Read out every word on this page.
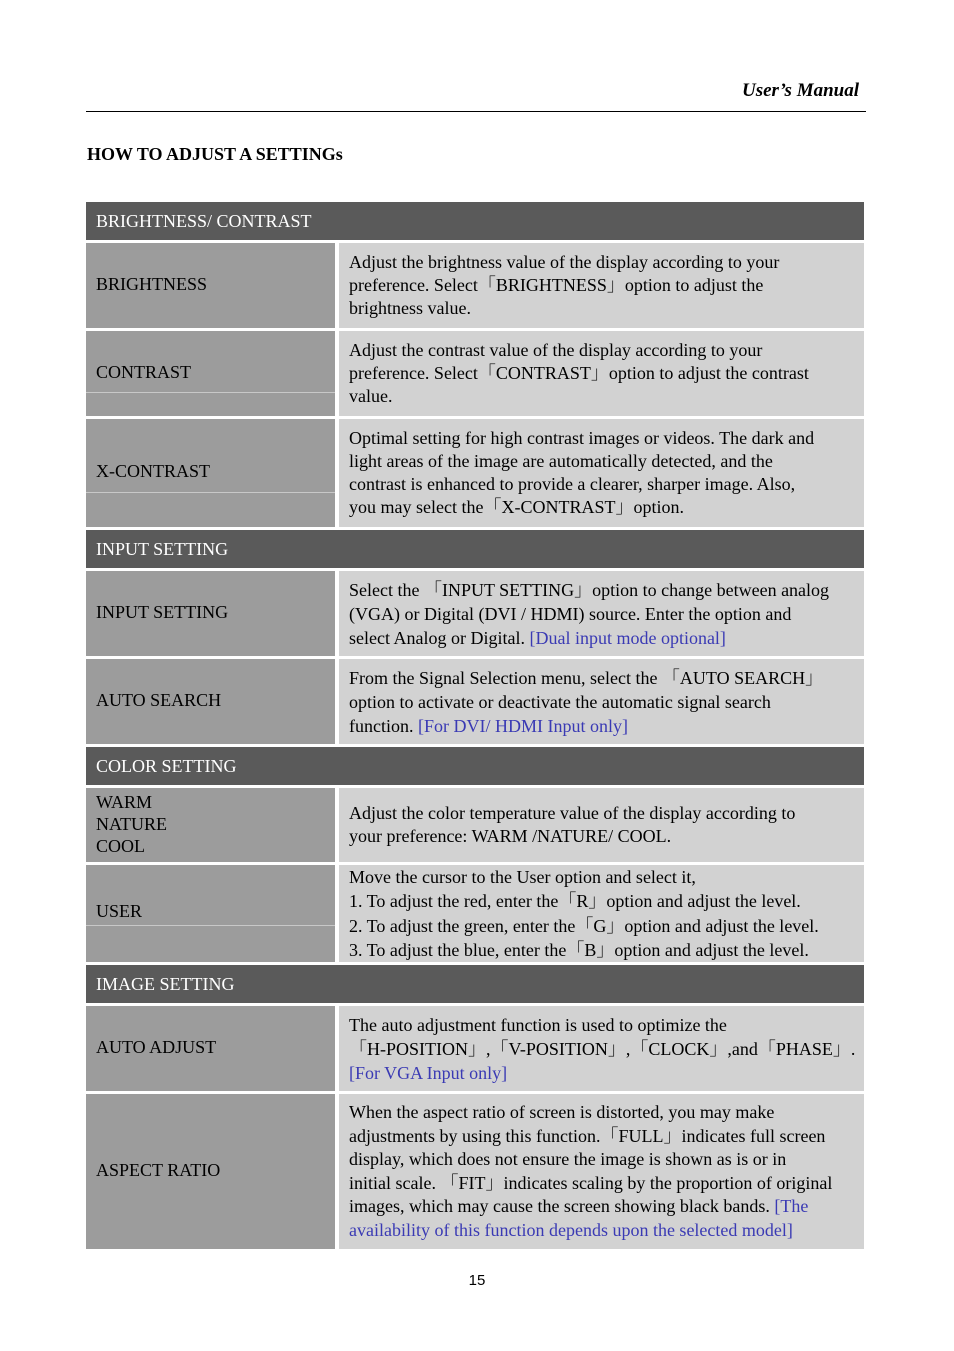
User’s Manual
HOW TO ADJUST A SETTINGs
BRIGHTNESS/ CONTRAST
BRIGHTNESS
Adjust the brightness value of the display according to your
preference. Select「BRIGHTNESS」option to adjust the
brightness value.
CONTRAST
Adjust the contrast value of the display according to your
preference. Select「CONTRAST」option to adjust the contrast
value.
X-CONTRAST
Optimal setting for high contrast images or videos. The dark and
light areas of the image are automatically detected, and the
contrast is enhanced to provide a clearer, sharper image. Also,
you may select the「X-CONTRAST」option.
INPUT SETTING
INPUT SETTING
Select the 「INPUT SETTING」option to change between analog
(VGA) or Digital (DVI / HDMI) source. Enter the option and
select Analog or Digital. [Dual input mode optional]
AUTO SEARCH
From the Signal Selection menu, select the 「AUTO SEARCH」
option to activate or deactivate the automatic signal search
function. [For DVI/ HDMI Input only]
COLOR SETTING
WARM
NATURE
COOL
Adjust the color temperature value of the display according to
your preference: WARM /NATURE/ COOL.
USER
Move the cursor to the User option and select it,
1. To adjust the red, enter the「R」option and adjust the level.
2. To adjust the green, enter the「G」option and adjust the level.
3. To adjust the blue, enter the「B」option and adjust the level.
IMAGE SETTING
AUTO ADJUST
The auto adjustment function is used to optimize the
「H-POSITION」,「V-POSITION」,「CLOCK」,and「PHASE」.
[For VGA Input only]
ASPECT RATIO
When the aspect ratio of screen is distorted, you may make
adjustments by using this function.「FULL」indicates full screen
display, which does not ensure the image is shown as is or in
initial scale. 「FIT」indicates scaling by the proportion of original
images, which may cause the screen showing black bands. [The
availability of this function depends upon the selected model]
15
